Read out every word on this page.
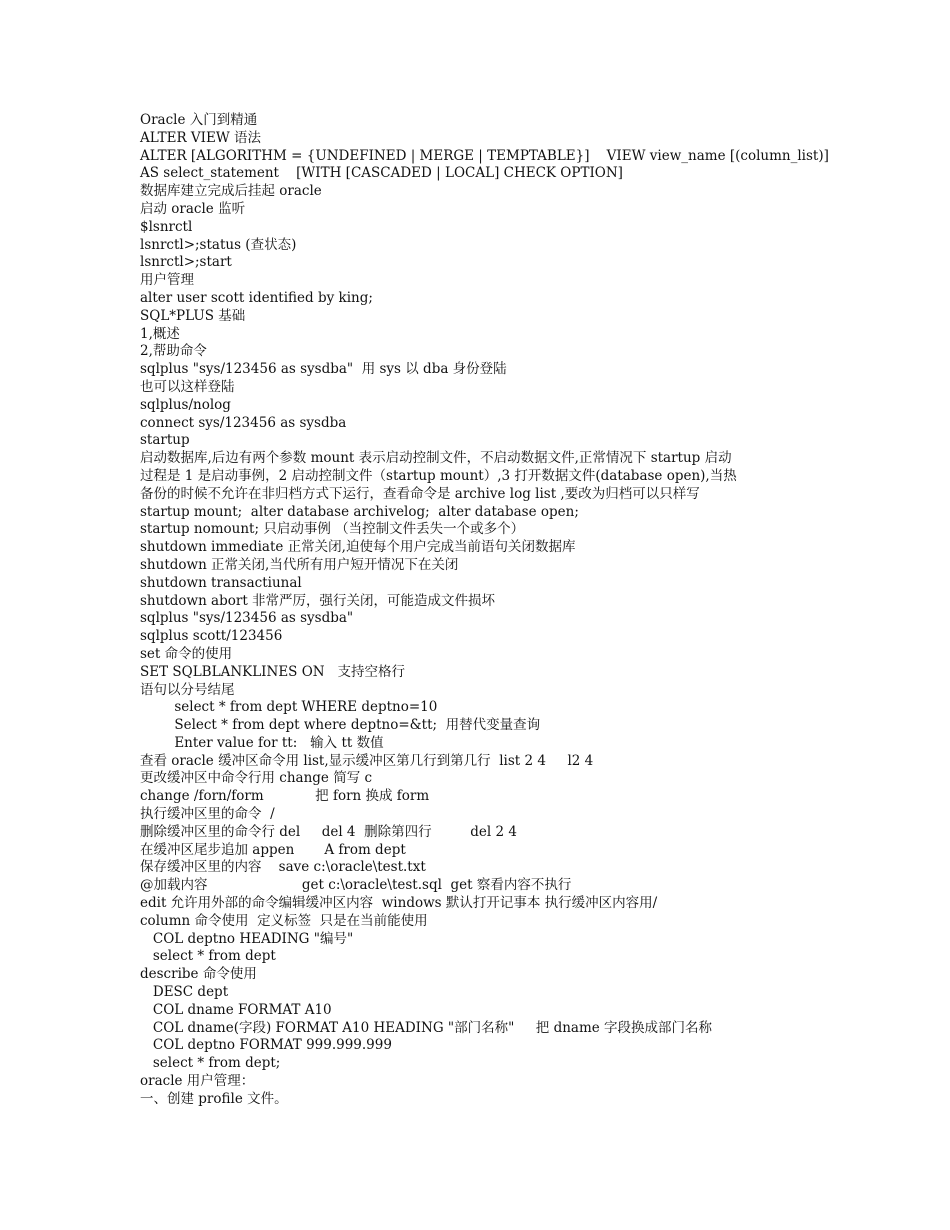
Oracle 入门到精通
ALTER VIEW 语法
ALTER [ALGORITHM = {UNDEFINED | MERGE | TEMPTABLE}]    VIEW view_name [(column_list)]
AS select_statement    [WITH [CASCADED | LOCAL] CHECK OPTION]
数据库建立完成后挂起 oracle
启动 oracle 监听
$lsnrctl
lsnrctl>;status (查状态)
lsnrctl>;start
用户管理
alter user scott identified by king;
SQL*PLUS 基础
1,概述
2,帮助命令
sqlplus "sys/123456 as sysdba"  用 sys 以 dba 身份登陆
也可以这样登陆
sqlplus/nolog
connect sys/123456 as sysdba
startup
启动数据库,后边有两个参数 mount 表示启动控制文件，不启动数据文件,正常情况下 startup 启动
过程是 1 是启动事例，2 启动控制文件（startup mount）,3 打开数据文件(database open),当热
备份的时候不允许在非归档方式下运行，查看命令是 archive log list ,要改为归档可以只样写
startup mount;  alter database archivelog;  alter database open;
startup nomount; 只启动事例 （当控制文件丢失一个或多个）
shutdown immediate 正常关闭,迫使每个用户完成当前语句关闭数据库
shutdown 正常关闭,当代所有用户短开情况下在关闭
shutdown transactiunal
shutdown abort 非常严厉，强行关闭，可能造成文件损坏
sqlplus "sys/123456 as sysdba"
sqlplus scott/123456
set 命令的使用
SET SQLBLANKLINES ON   支持空格行
语句以分号结尾
select * from dept WHERE deptno=10
Select * from dept where deptno=&tt;  用替代变量查询
Enter value for tt:   输入 tt 数值
查看 oracle 缓冲区命令用 list,显示缓冲区第几行到第几行  list 2 4     l2 4
更改缓冲区中命令行用 change 简写 c
change /forn/form            把 forn 换成 form
执行缓冲区里的命令  /
删除缓冲区里的命令行 del     del 4  删除第四行         del 2 4
在缓冲区尾步追加 appen       A from dept
保存缓冲区里的内容    save c:\oracle\test.txt
@加载内容                      get c:\oracle\test.sql  get 察看内容不执行
edit 允许用外部的命令编辑缓冲区内容  windows 默认打开记事本 执行缓冲区内容用/
column 命令使用  定义标签  只是在当前能使用
COL deptno HEADING "编号"
select * from dept
describe 命令使用
DESC dept
COL dname FORMAT A10
COL dname(字段) FORMAT A10 HEADING "部门名称"     把 dname 字段换成部门名称
COL deptno FORMAT 999.999.999
select * from dept;
oracle 用户管理：
一、创建 profile 文件。
